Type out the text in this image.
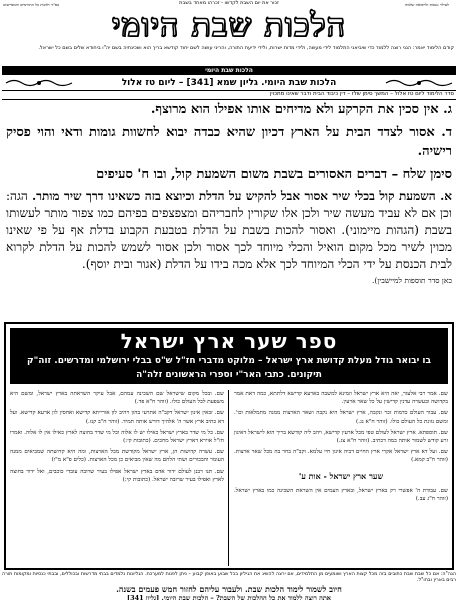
לעילוי נשמת ולרפואה שלמה
זכור את יום השבת לקדשו - זכרהו מאחד בשבת
הלכות שבת היומי
בס"ד ולזכות כל התורמים והמסייעים
קודם הלימוד יאמר: הנני רוצה ללמוד כדי שיביאני התלמוד לידי מעשה, ולידי מדות ישרות, ולידי ידיעת התורה, והריני עושה לשם יחוד קודשא בריך הוא ושכינתיה בשם יה"ו ביחודא שלים בשם כל ישראל.
הלכות שבת היומי
הלכות שבת היומי. גליון שמא [341] – ליום טז אלול
סדר הלימוד ליום טז אלול – המשך סימן שלז – דין כיבוד הבית ודבר שאינו מתכוין
ג. אין סכין את הקרקע ולא מדיחים אותו אפילו הוא מרוצף.
ד. אסור לצדד הבית על הארץ דכיון שהיא כבדה יבוא לחשוות גומות ודאי והוי פסיק רישיה.
סימן שלח – דברים האסורים בשבת משום השמעת קול, ובו ח' סעיפים
א. השמעת קול בכלי שיר אסור אבל להקיש על הדלת וכיוצא בזה כשאינו דרך שיר מותר. הגה: וכן אם לא עביד מעשה שיר ולכן אלו שקורין לחבריהם ומצפצפים בפיהם כמו צפור מותר לעשותו בשבת (הגהות מיימוני). ואסור להכות בשבת על הדלת בטבעת הקבוע בדלת אף על פי שאינו מכוין לשיר מכל מקום הואיל והכלי מיוחד לכך אסור ולכן אסור לשמש להכות על הדלת לקרוא לבית הכנסת על ידי הכלי המיוחד לכך אלא מכה בידו על הדלת (אגור ובית יוסף).
כאן סדר תוספות למיישבין).
ספר שער ארץ ישראל
בו יבואר גודל מעלת קדושת ארץ ישראל – מלוקט מדברי חז"ל ש"ס בבלי ירושלמי ומדרשים. זוה"ק תיקונים. כתבי האר"י וספרי הראשונים זלה"ה

שם. אמר רבי אלעזר, יאה היא ארץ ישראל וזמינא למשבה בארעא קדישא דלתתא, כמה דאת אמר בקדושה ובעשרה עדנין קדישין על כל שאר ארעין.

שם. עבור העולם כדמות זכר ונקבה, ארץ ישראל היא נקבה ושאר הארצות ממנה מתמלאות וכו'. ומשם נזונת כל העולם כולו. (זוהר ח"א נג.)

שם. תוספתא. ארץ ישראל לעולם טפי מכל ארעין קדישא, ויהב ליה קודשא בריך הוא לישראל דאינון זרע קודש לשמור אותה כמה דכתיב. (זוהר ח"א צג.)

שם. ועל דא ארץ ישראל אקרי ארץ החיים דביה אינון חיי עלמא. וקב"ה בחר בה מכל שאר ארצות. (זוהר ח"ב קמא.)

שער ארץ ישראל - אות ע'

שם. עבודת ה' אפשרי רק בארץ ישראל, ובארץ העמים אין השראת השכינה כמו בארץ ישראל. (זוהר ח"ג עב.)

שם. ובכל מקום שישראל שם השכינה עמהם, אבל עיקר השראתה בארץ ישראל, ומשם היא משפעת לכל העולם כולו. (זוהר ח"א פד.)

שם. זכאין אינון ישראל דקב"ה אתרעי בהון ויהיב לון אורייתא קדישא ואחסין לון ארעא קדישא. ועל דא כתיב ארץ אשר ה' אלהיך דורש אותה תמיד. (זוהר ח"ב קנז.)

שם. כל מי שדר בארץ ישראל כאילו יש לו אלוה וכל מי שדר בחוצה לארץ כאילו אין לו אלוה. ואמרו חז"ל אוירא דארץ ישראל מחכים. (כתובות קי:)

שם. עשרה קדושות הן, ארץ ישראל מקודשת מכל הארצות, ומה היא קדושתה שמביאים ממנה העומר והבכורים ושתי הלחם מה שאין מביאים כן מכל הארצות. (כלים פ"א מ"ו)

שם. תנו רבנן לעולם ידור אדם בארץ ישראל אפילו בעיר שרובה עובדי כוכבים, ואל ידור בחוצה לארץ ואפילו בעיר שרובה ישראל. (כתובות קי:)

הגה"ה: אם כל שבת שבת כתובים בזה מכל קצות הארץ ושומעים מן התלמידים, אם ירצה להשיג את הגיליון בכל שבוע באופן קבוע – ניתן לפנות למערכת. הגליונות נלמדים בבתי מדרשות ובכוללים, ובבתי כנסיות ומקומות תורה רבים בארץ ובחו"ל.
חיוב לשמור לימוד הלכות שבת. ולעבור עליהם לחזור חמש פעמים בשנה.
אתה רוצה ללמוד את כל ההלכות של השבת? – הלכות שבת היומי. [גליון 341]
